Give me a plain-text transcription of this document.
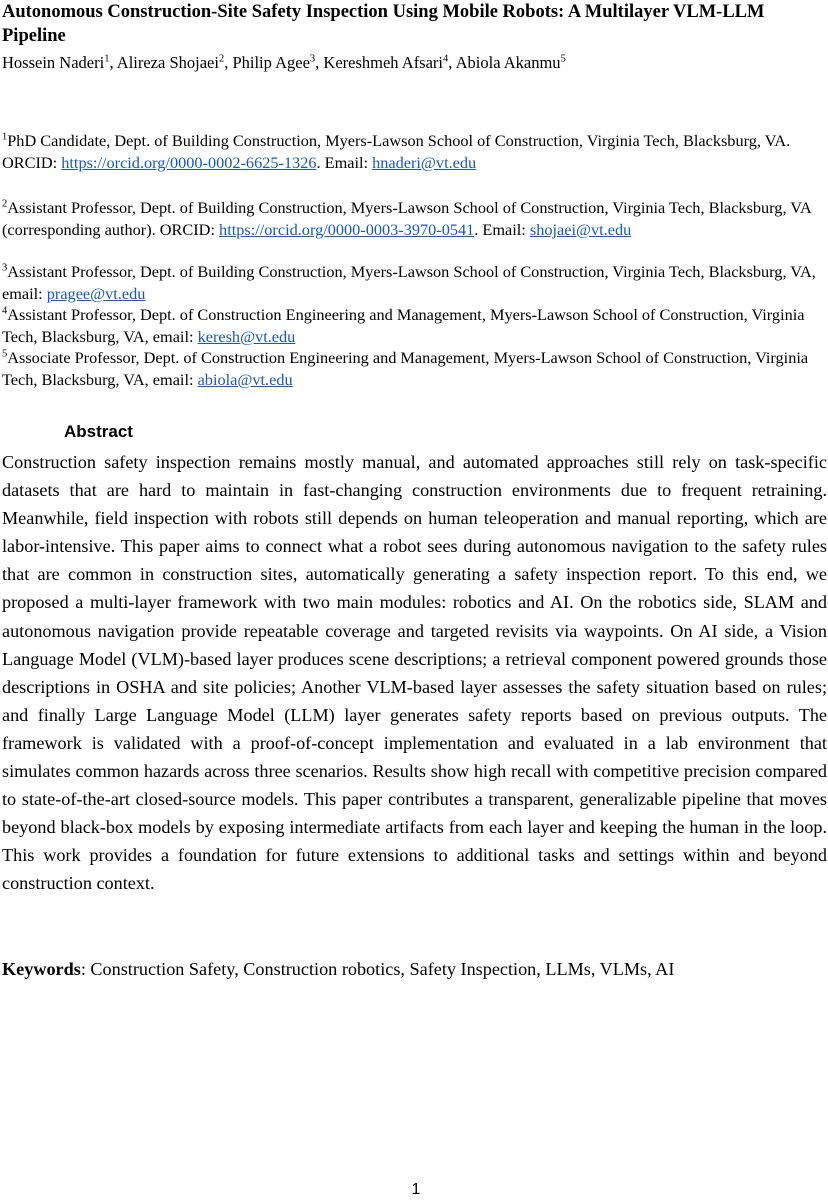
Autonomous Construction-Site Safety Inspection Using Mobile Robots: A Multilayer VLM-LLM Pipeline

Hossein Naderi$^1$, Alireza Shojaei$^2$, Philip Agee$^3$, Kereshmeh Afsari$^4$, Abiola Akanmu$^5$

$^1$PhD Candidate, Dept. of Building Construction, Myers-Lawson School of Construction, Virginia Tech, Blacksburg, VA. ORCID: https://orcid.org/0000-0002-6625-1326. Email: hnaderi@vt.edu

$^2$Assistant Professor, Dept. of Building Construction, Myers-Lawson School of Construction, Virginia Tech, Blacksburg, VA (corresponding author). ORCID: https://orcid.org/0000-0003-3970-0541. Email: shojaei@vt.edu

$^3$Assistant Professor, Dept. of Building Construction, Myers-Lawson School of Construction, Virginia Tech, Blacksburg, VA, email: pragee@vt.edu

$^4$Assistant Professor, Dept. of Construction Engineering and Management, Myers-Lawson School of Construction, Virginia Tech, Blacksburg, VA, email: keresh@vt.edu

$^5$Associate Professor, Dept. of Construction Engineering and Management, Myers-Lawson School of Construction, Virginia Tech, Blacksburg, VA, email: abiola@vt.edu

Abstract

Construction safety inspection remains mostly manual, and automated approaches still rely on task-specific datasets that are hard to maintain in fast-changing construction environments due to frequent retraining. Meanwhile, field inspection with robots still depends on human teleoperation and manual reporting, which are labor-intensive. This paper aims to connect what a robot sees during autonomous navigation to the safety rules that are common in construction sites, automatically generating a safety inspection report. To this end, we proposed a multi-layer framework with two main modules: robotics and AI. On the robotics side, SLAM and autonomous navigation provide repeatable coverage and targeted revisits via waypoints. On AI side, a Vision Language Model (VLM)-based layer produces scene descriptions; a retrieval component powered grounds those descriptions in OSHA and site policies; Another VLM-based layer assesses the safety situation based on rules; and finally Large Language Model (LLM) layer generates safety reports based on previous outputs. The framework is validated with a proof-of-concept implementation and evaluated in a lab environment that simulates common hazards across three scenarios. Results show high recall with competitive precision compared to state-of-the-art closed-source models. This paper contributes a transparent, generalizable pipeline that moves beyond black-box models by exposing intermediate artifacts from each layer and keeping the human in the loop. This work provides a foundation for future extensions to additional tasks and settings within and beyond construction context.

Keywords: Construction Safety, Construction robotics, Safety Inspection, LLMs, VLMs, AI

1
